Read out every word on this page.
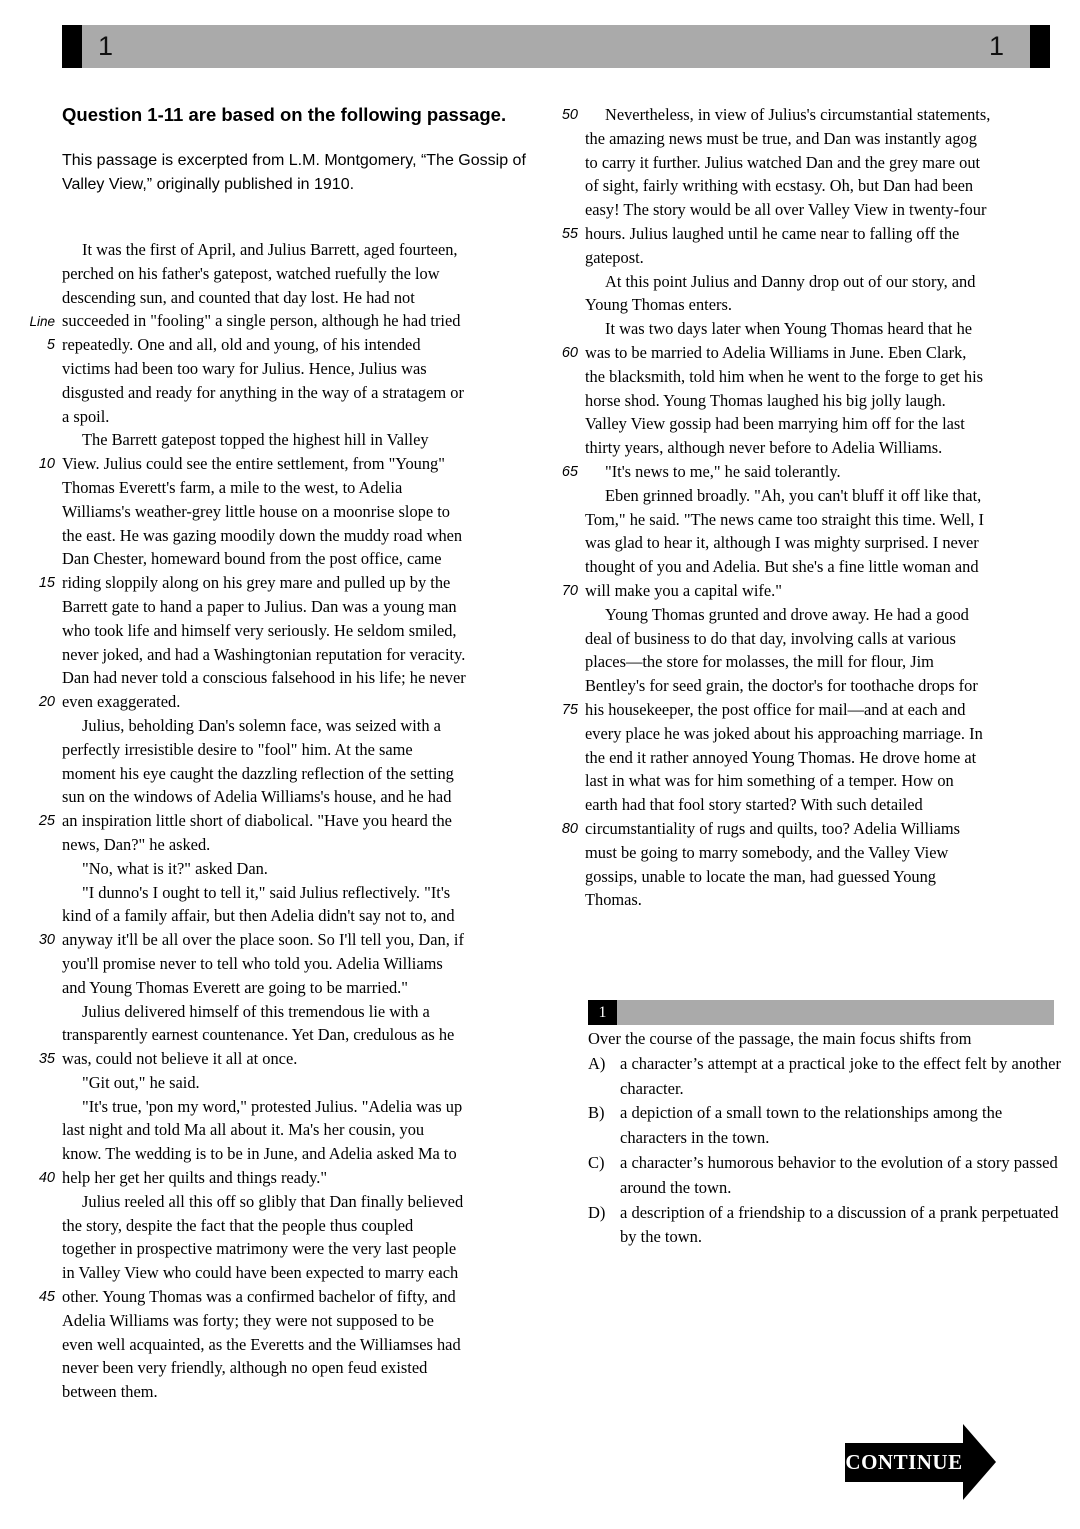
1	1
Question 1-11 are based on the following passage.
This passage is excerpted from L.M. Montgomery, “The Gossip of Valley View,” originally published in 1910.
It was the first of April, and Julius Barrett, aged fourteen,
perched on his father's gatepost, watched ruefully the low
descending sun, and counted that day lost. He had not
Line succeeded in "fooling" a single person, although he had tried
5 repeatedly. One and all, old and young, of his intended
victims had been too wary for Julius. Hence, Julius was
disgusted and ready for anything in the way of a stratagem or
a spoil.
The Barrett gatepost topped the highest hill in Valley
10 View. Julius could see the entire settlement, from "Young"
Thomas Everett's farm, a mile to the west, to Adelia
Williams's weather-grey little house on a moonrise slope to
the east. He was gazing moodily down the muddy road when
Dan Chester, homeward bound from the post office, came
15 riding sloppily along on his grey mare and pulled up by the
Barrett gate to hand a paper to Julius. Dan was a young man
who took life and himself very seriously. He seldom smiled,
never joked, and had a Washingtonian reputation for veracity.
Dan had never told a conscious falsehood in his life; he never
20 even exaggerated.
Julius, beholding Dan's solemn face, was seized with a
perfectly irresistible desire to "fool" him. At the same
moment his eye caught the dazzling reflection of the setting
sun on the windows of Adelia Williams's house, and he had
25 an inspiration little short of diabolical. "Have you heard the
news, Dan?" he asked.
"No, what is it?" asked Dan.
"I dunno's I ought to tell it," said Julius reflectively. "It's
kind of a family affair, but then Adelia didn't say not to, and
30 anyway it'll be all over the place soon. So I'll tell you, Dan, if
you'll promise never to tell who told you. Adelia Williams
and Young Thomas Everett are going to be married."
Julius delivered himself of this tremendous lie with a
transparently earnest countenance. Yet Dan, credulous as he
35 was, could not believe it all at once.
"Git out," he said.
"It's true, 'pon my word," protested Julius. "Adelia was up
last night and told Ma all about it. Ma's her cousin, you
know. The wedding is to be in June, and Adelia asked Ma to
40 help her get her quilts and things ready."
Julius reeled all this off so glibly that Dan finally believed
the story, despite the fact that the people thus coupled
together in prospective matrimony were the very last people
in Valley View who could have been expected to marry each
45 other. Young Thomas was a confirmed bachelor of fifty, and
Adelia Williams was forty; they were not supposed to be
even well acquainted, as the Everetts and the Williamses had
never been very friendly, although no open feud existed
between them.
50 Nevertheless, in view of Julius's circumstantial statements,
the amazing news must be true, and Dan was instantly agog
to carry it further. Julius watched Dan and the grey mare out
of sight, fairly writhing with ecstasy. Oh, but Dan had been
easy! The story would be all over Valley View in twenty-four
55 hours. Julius laughed until he came near to falling off the
gatepost.
At this point Julius and Danny drop out of our story, and
Young Thomas enters.
It was two days later when Young Thomas heard that he
60 was to be married to Adelia Williams in June. Eben Clark,
the blacksmith, told him when he went to the forge to get his
horse shod. Young Thomas laughed his big jolly laugh.
Valley View gossip had been marrying him off for the last
thirty years, although never before to Adelia Williams.
65 "It's news to me," he said tolerantly.
Eben grinned broadly. "Ah, you can't bluff it off like that,
Tom," he said. "The news came too straight this time. Well, I
was glad to hear it, although I was mighty surprised. I never
thought of you and Adelia. But she's a fine little woman and
70 will make you a capital wife."
Young Thomas grunted and drove away. He had a good
deal of business to do that day, involving calls at various
places—the store for molasses, the mill for flour, Jim
Bentley's for seed grain, the doctor's for toothache drops for
75 his housekeeper, the post office for mail—and at each and
every place he was joked about his approaching marriage. In
the end it rather annoyed Young Thomas. He drove home at
last in what was for him something of a temper. How on
earth had that fool story started? With such detailed
80 circumstantiality of rugs and quilts, too? Adelia Williams
must be going to marry somebody, and the Valley View
gossips, unable to locate the man, had guessed Young
Thomas.
1
Over the course of the passage, the main focus shifts from
A) a character’s attempt at a practical joke to the effect felt by another character.
B) a depiction of a small town to the relationships among the characters in the town.
C) a character’s humorous behavior to the evolution of a story passed around the town.
D) a description of a friendship to a discussion of a prank perpetuated by the town.
CONTINUE
